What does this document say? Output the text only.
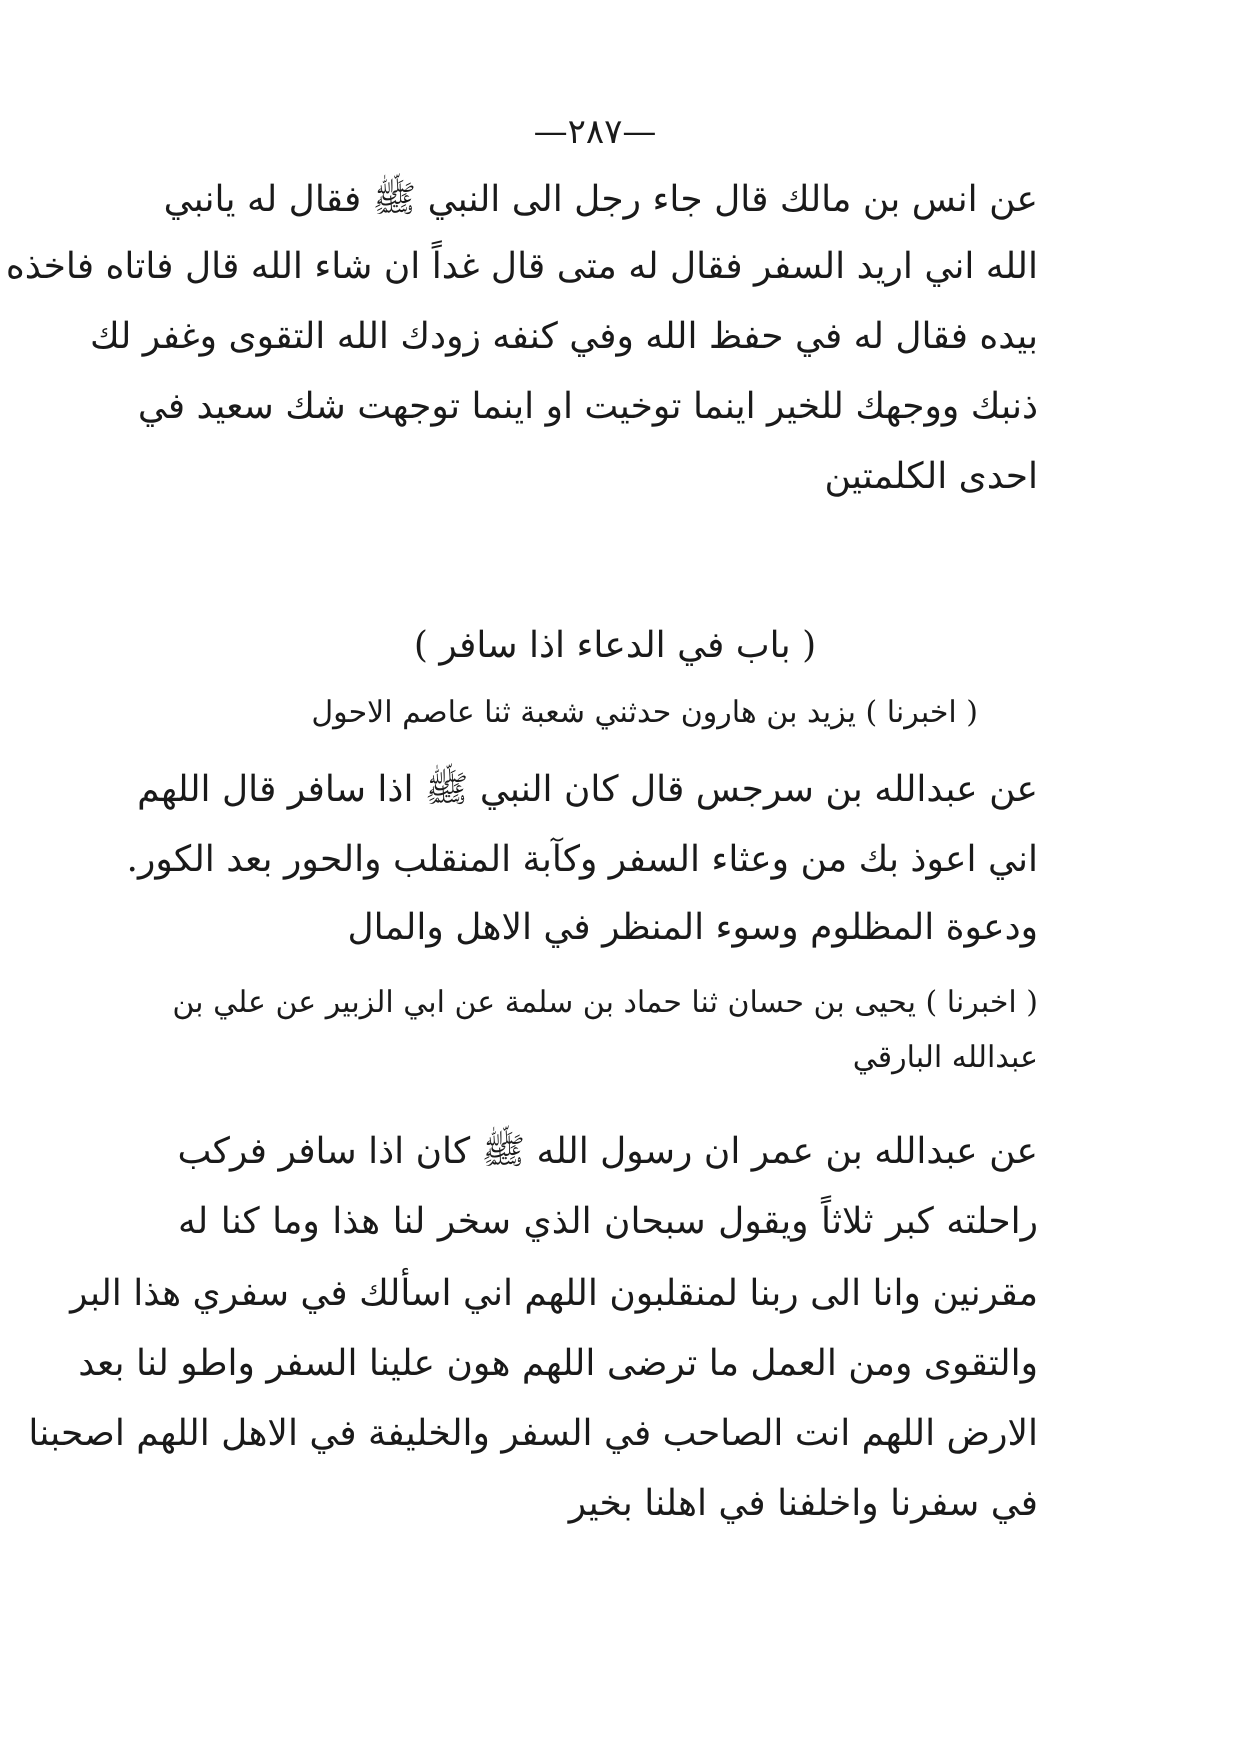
—٢٨٧—
عن انس بن مالك قال جاء رجل الى النبي ﷺ فقال له يانبي
الله اني اريد السفر فقال له متى قال غداً ان شاء الله قال فاتاه فاخذه
بيده فقال له في حفظ الله وفي كنفه زودك الله التقوى وغفر لك
ذنبك ووجهك للخير اينما توخيت او اينما توجهت شك سعيد في
احدى الكلمتين
( باب في الدعاء اذا سافر )
( اخبرنا ) يزيد بن هارون حدثني شعبة ثنا عاصم الاحول
عن عبدالله بن سرجس قال كان النبي ﷺ اذا سافر قال اللهم
اني اعوذ بك من وعثاء السفر وكآبة المنقلب والحور بعد الكور.
ودعوة المظلوم وسوء المنظر في الاهل والمال
( اخبرنا ) يحيى بن حسان ثنا حماد بن سلمة عن ابي الزبير عن علي بن
عبدالله البارقي
عن عبدالله بن عمر ان رسول الله ﷺ كان اذا سافر فركب
راحلته كبر ثلاثاً ويقول سبحان الذي سخر لنا هذا وما كنا له
مقرنين وانا الى ربنا لمنقلبون اللهم اني اسألك في سفري هذا البر
والتقوى ومن العمل ما ترضى اللهم هون علينا السفر واطو لنا بعد
الارض اللهم انت الصاحب في السفر والخليفة في الاهل اللهم اصحبنا
في سفرنا واخلفنا في اهلنا بخير
